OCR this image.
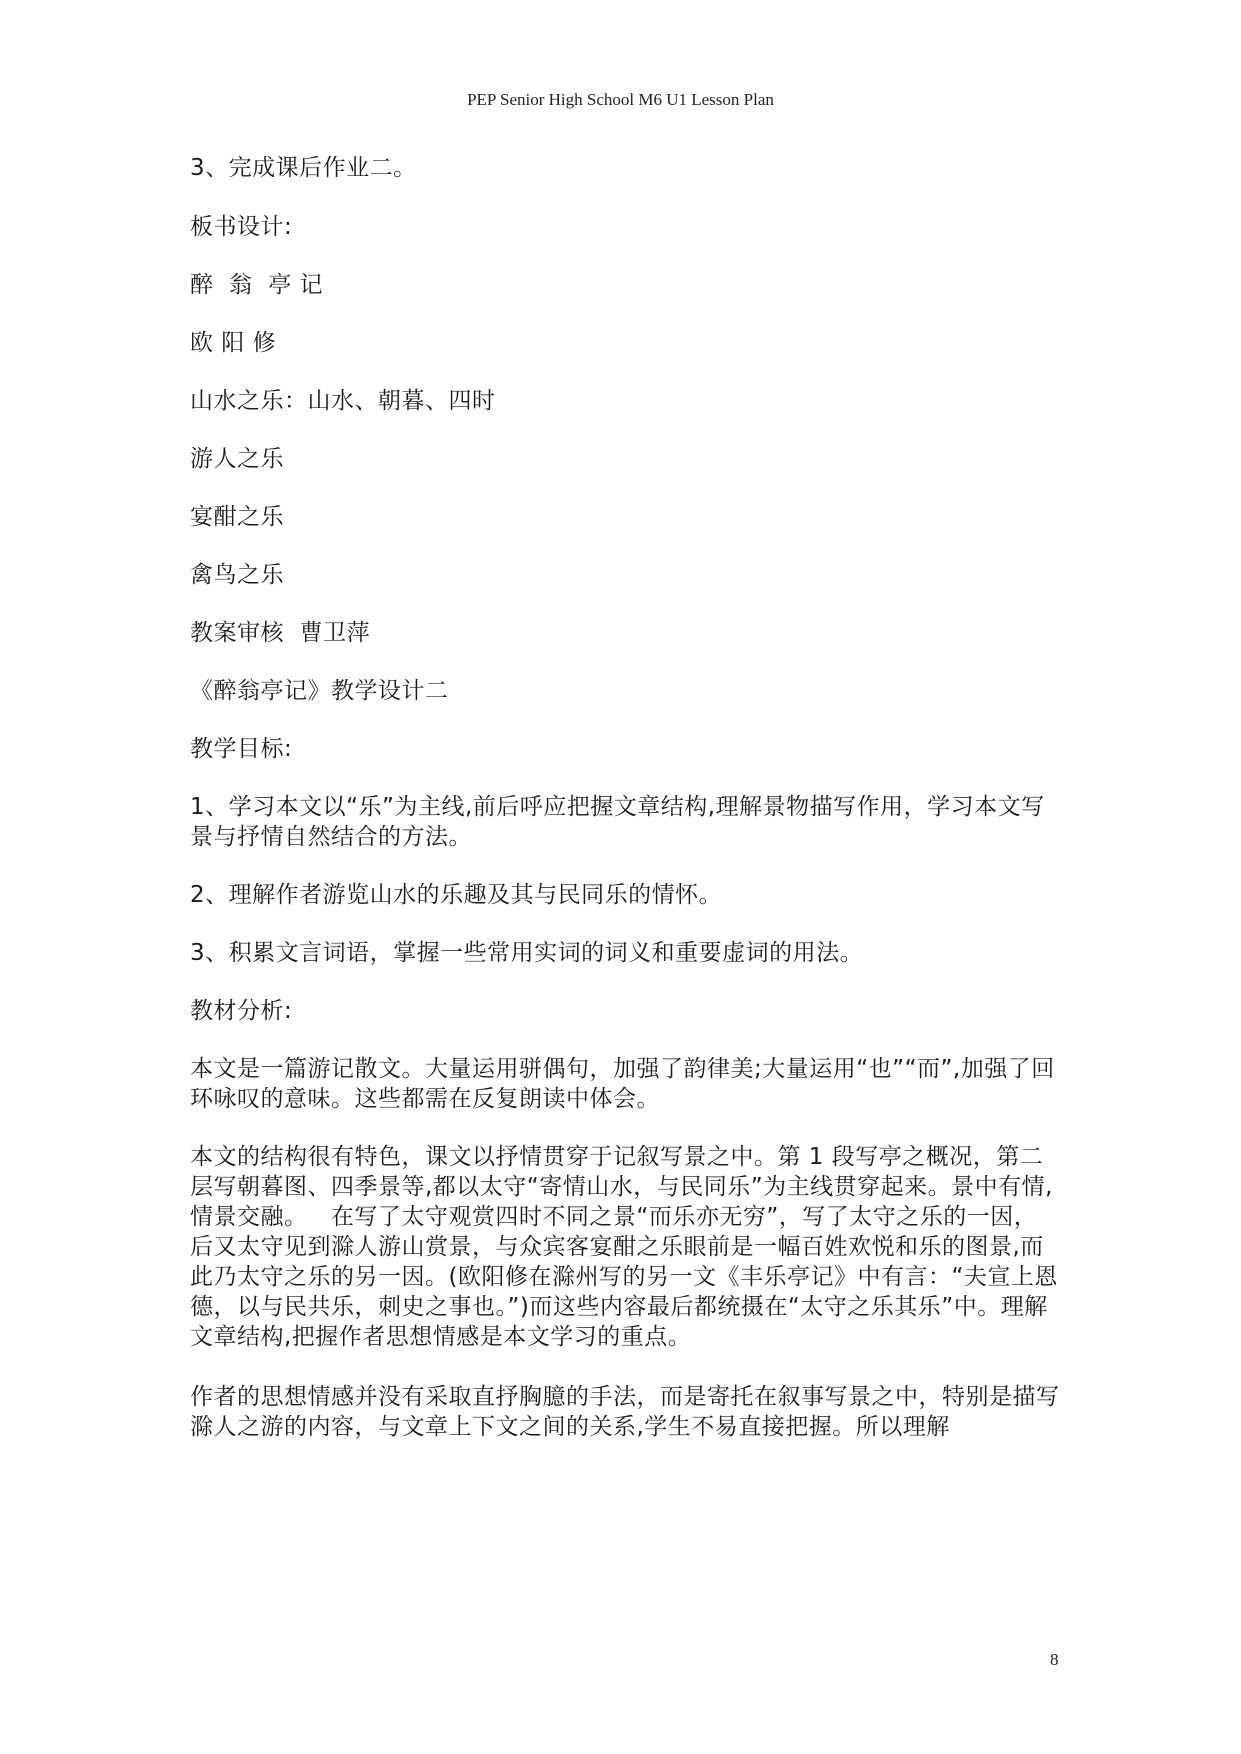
PEP Senior High School M6 U1 Lesson Plan
3、完成课后作业二。
板书设计:
醉  翁  亭 记
欧 阳 修
山水之乐：山水、朝暮、四时
游人之乐
宴酣之乐
禽鸟之乐
教案审核  曹卫萍
《醉翁亭记》教学设计二
教学目标:
1、学习本文以“乐”为主线,前后呼应把握文章结构,理解景物描写作用，学习本文写景与抒情自然结合的方法。
2、理解作者游览山水的乐趣及其与民同乐的情怀。
3、积累文言词语，掌握一些常用实词的词义和重要虚词的用法。
教材分析:
本文是一篇游记散文。大量运用骈偶句，加强了韵律美;大量运用“也”“而”,加强了回环咏叹的意味。这些都需在反复朗读中体会。
本文的结构很有特色，课文以抒情贯穿于记叙写景之中。第 1 段写亭之概况，第二层写朝暮图、四季景等,都以太守“寄情山水，与民同乐”为主线贯穿起来。景中有情,情景交融。   在写了太守观赏四时不同之景“而乐亦无穷”，写了太守之乐的一因，后又太守见到滁人游山赏景，与众宾客宴酣之乐眼前是一幅百姓欢悦和乐的图景,而此乃太守之乐的另一因。(欧阳修在滁州写的另一文《丰乐亭记》中有言：“夫宣上恩德，以与民共乐，刺史之事也。”)而这些内容最后都统摄在“太守之乐其乐”中。理解文章结构,把握作者思想情感是本文学习的重点。
作者的思想情感并没有采取直抒胸臆的手法，而是寄托在叙事写景之中，特别是描写滁人之游的内容，与文章上下文之间的关系,学生不易直接把握。所以理解
8
